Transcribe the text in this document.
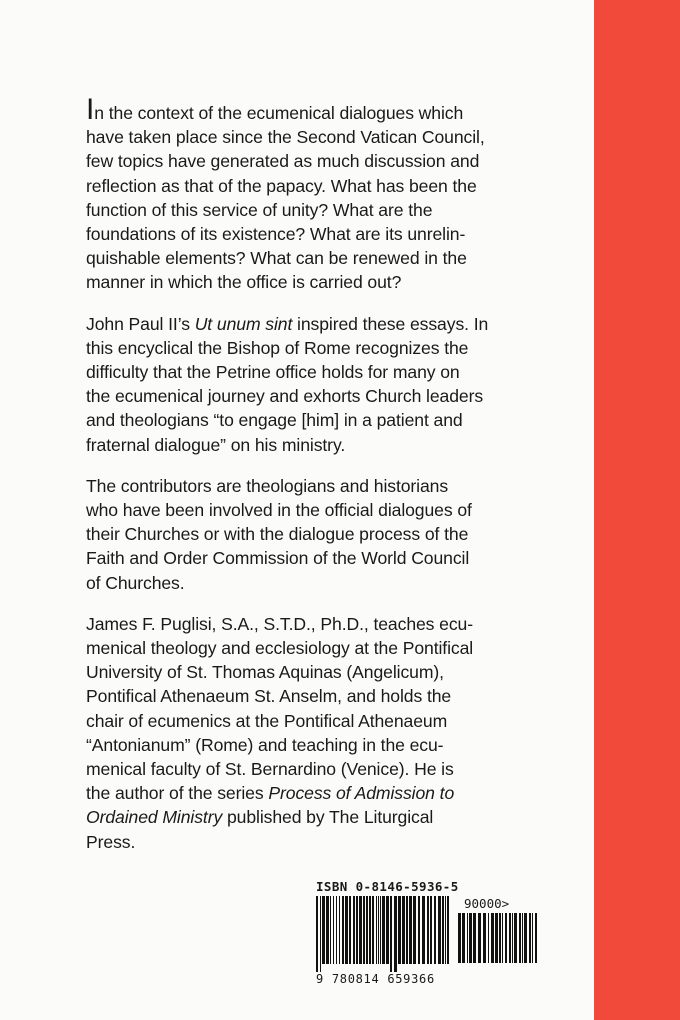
In the context of the ecumenical dialogues which
have taken place since the Second Vatican Council,
few topics have generated as much discussion and
reflection as that of the papacy. What has been the
function of this service of unity? What are the
foundations of its existence? What are its unrelin-
quishable elements? What can be renewed in the
manner in which the office is carried out?

John Paul II’s Ut unum sint inspired these essays. In
this encyclical the Bishop of Rome recognizes the
difficulty that the Petrine office holds for many on
the ecumenical journey and exhorts Church leaders
and theologians “to engage [him] in a patient and
fraternal dialogue” on his ministry.

The contributors are theologians and historians
who have been involved in the official dialogues of
their Churches or with the dialogue process of the
Faith and Order Commission of the World Council
of Churches.

James F. Puglisi, S.A., S.T.D., Ph.D., teaches ecu-
menical theology and ecclesiology at the Pontifical
University of St. Thomas Aquinas (Angelicum),
Pontifical Athenaeum St. Anselm, and holds the
chair of ecumenics at the Pontifical Athenaeum
“Antonianum” (Rome) and teaching in the ecu-
menical faculty of St. Bernardino (Venice). He is
the author of the series Process of Admission to
Ordained Ministry published by The Liturgical
Press.

ISBN 0-8146-5936-5
90000>
9 780814 659366
